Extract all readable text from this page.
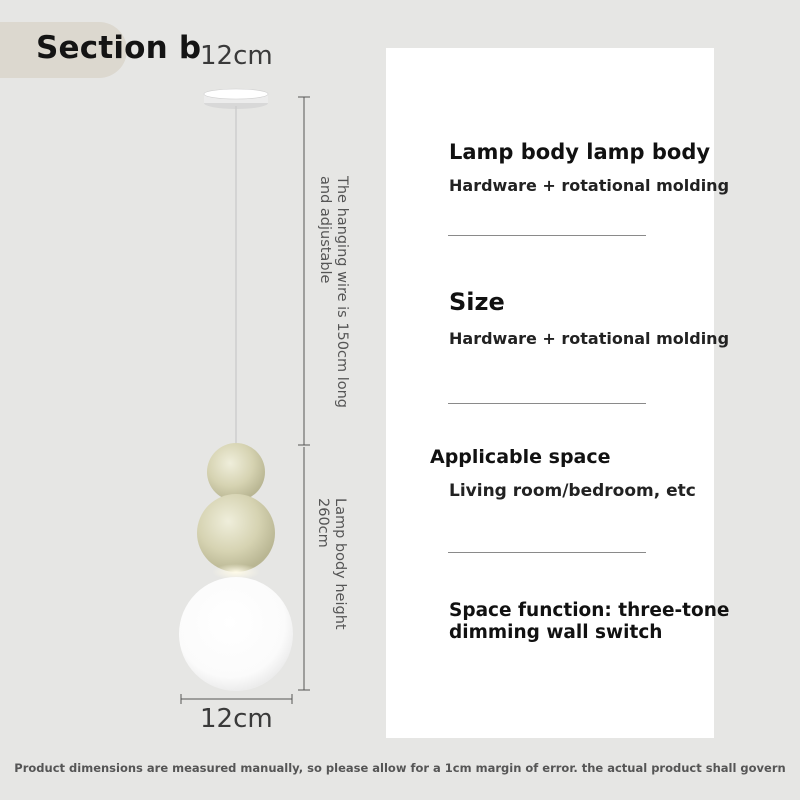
Section b
12cm
The hanging wire is 150cm long
and adjustable
Lamp body height
260cm
12cm
Lamp body lamp body
Hardware + rotational molding
Size
Hardware + rotational molding
Applicable space
Living room/bedroom, etc
Space function: three-tone
dimming wall switch
Product dimensions are measured manually, so please allow for a 1cm margin of error. the actual product shall govern
